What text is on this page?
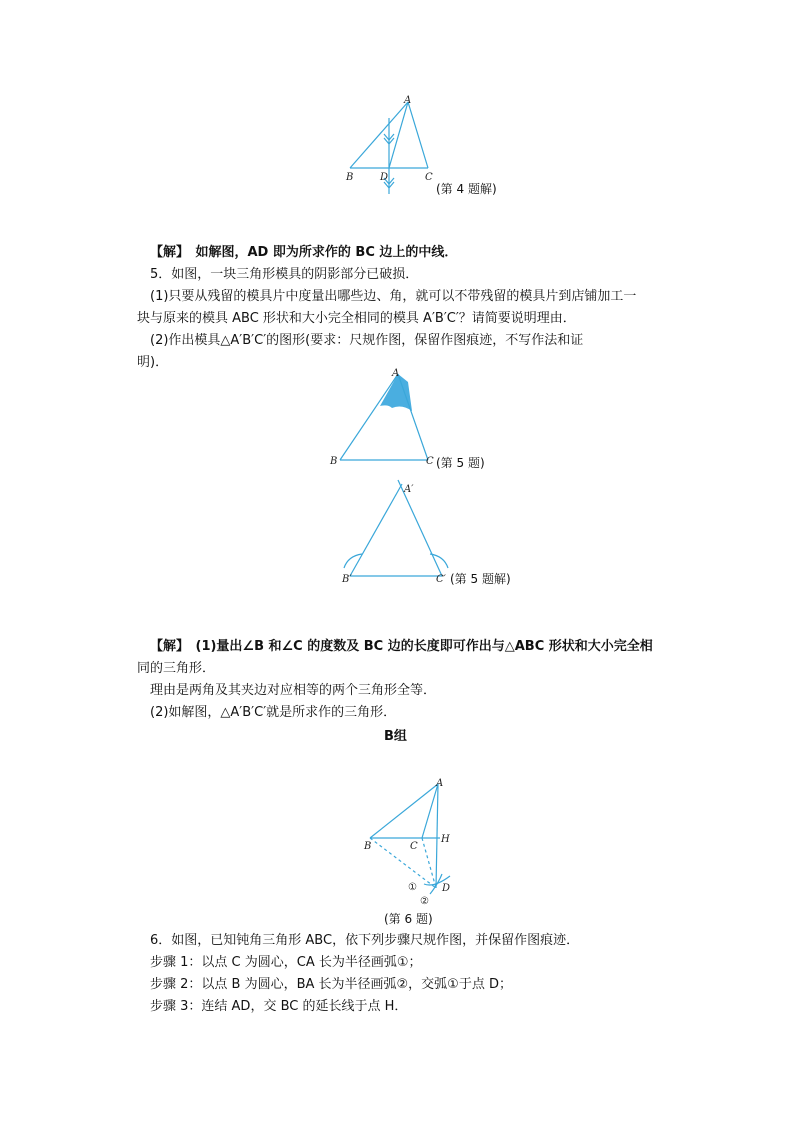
A
B	D	C
(第 4 题解)
【解】　如解图，AD 即为所求作的 BC 边上的中线．
5．如图，一块三角形模具的阴影部分已破损．
(1)只要从残留的模具片中度量出哪些边、角，就可以不带残留的模具片到店铺加工一
块与原来的模具 ABC 形状和大小完全相同的模具 A′B′C′？请简要说明理由．
(2)作出模具△A′B′C′的图形(要求：尺规作图，保留作图痕迹，不写作法和证
明)．
A
B	C (第 5 题)
A′
B′	C′ (第 5 题解)
【解】　(1)量出∠B 和∠C 的度数及 BC 边的长度即可作出与△ABC 形状和大小完全相
同的三角形．
理由是两角及其夹边对应相等的两个三角形全等．
(2)如解图，△A′B′C′就是所求作的三角形．
B组
A
B	C
H
D
①
②
(第 6 题)
6．如图，已知钝角三角形 ABC，依下列步骤尺规作图，并保留作图痕迹．
步骤 1：以点 C 为圆心，CA 长为半径画弧①；
步骤 2：以点 B 为圆心，BA 长为半径画弧②，交弧①于点 D；
步骤 3：连结 AD，交 BC 的延长线于点 H．
